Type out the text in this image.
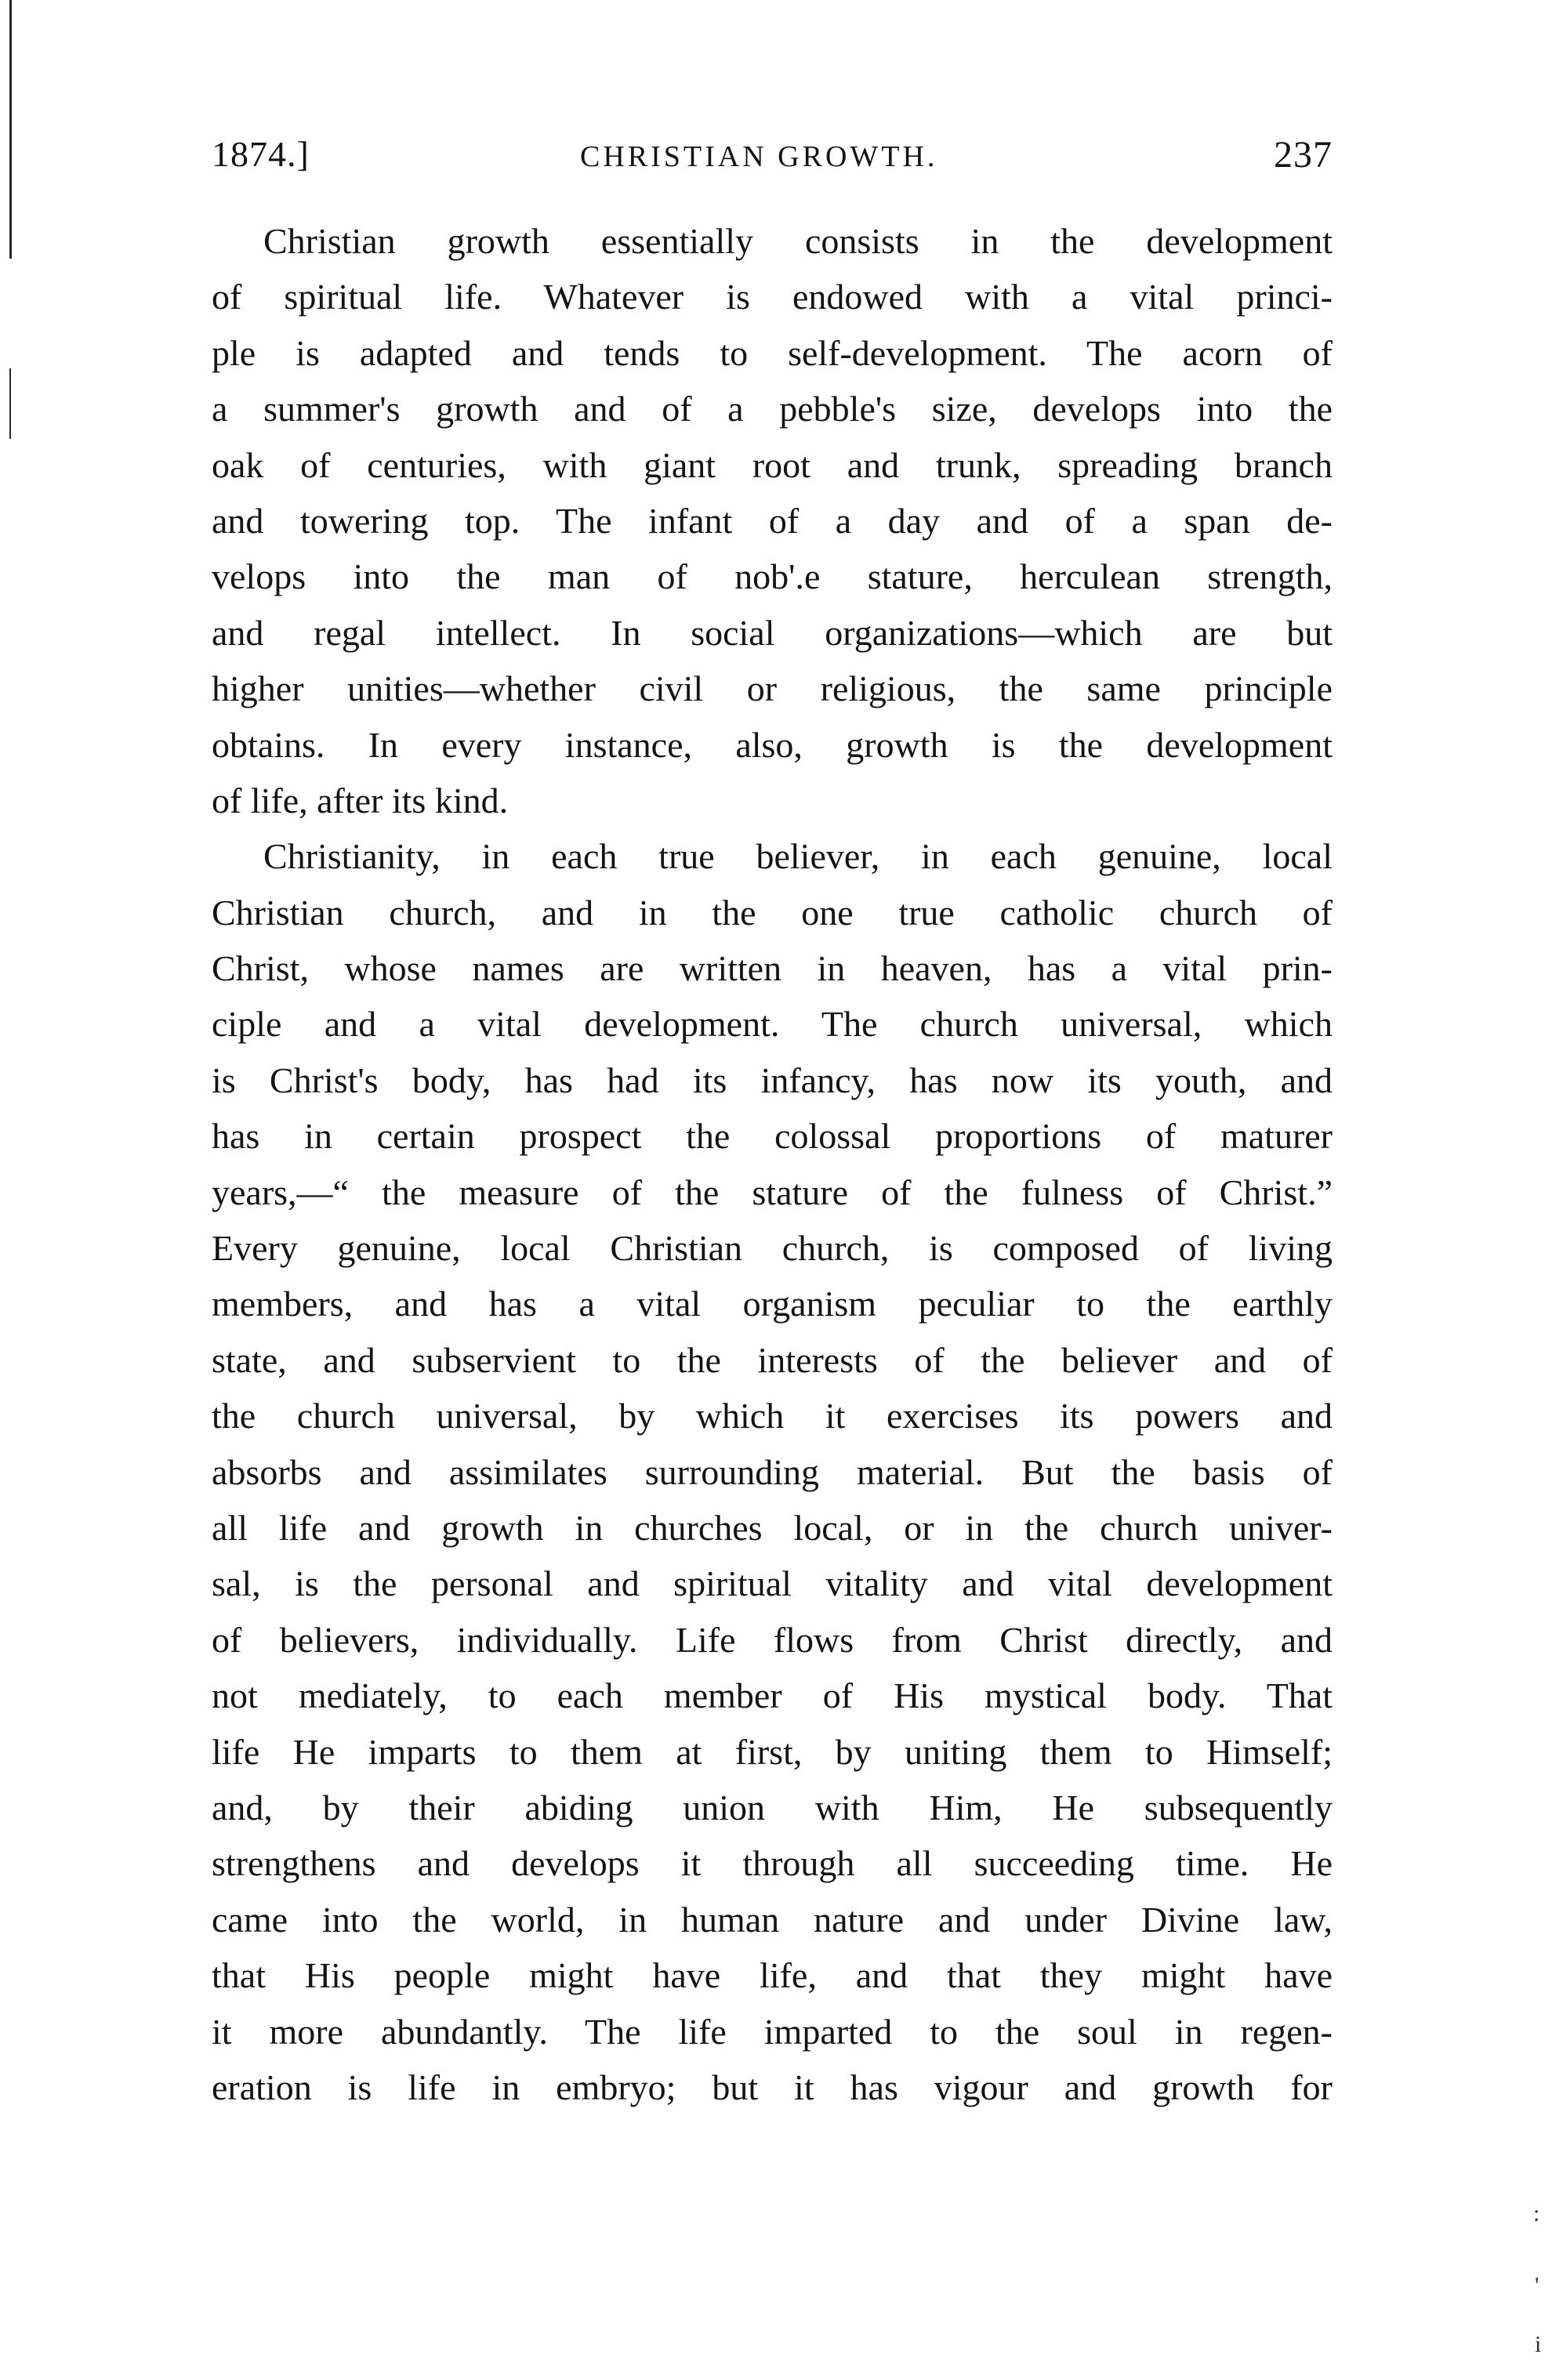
1874.]	CHRISTIAN GROWTH.	237
Christian growth essentially consists in the development
of spiritual life. Whatever is endowed with a vital princi-
ple is adapted and tends to self-development. The acorn of
a summer's growth and of a pebble's size, develops into the
oak of centuries, with giant root and trunk, spreading branch
and towering top. The infant of a day and of a span de-
velops into the man of nob'.e stature, herculean strength,
and regal intellect. In social organizations—which are but
higher unities—whether civil or religious, the same principle
obtains. In every instance, also, growth is the development
of life, after its kind.
Christianity, in each true believer, in each genuine, local
Christian church, and in the one true catholic church of
Christ, whose names are written in heaven, has a vital prin-
ciple and a vital development. The church universal, which
is Christ's body, has had its infancy, has now its youth, and
has in certain prospect the colossal proportions of maturer
years,—“ the measure of the stature of the fulness of Christ.”
Every genuine, local Christian church, is composed of living
members, and has a vital organism peculiar to the earthly
state, and subservient to the interests of the believer and of
the church universal, by which it exercises its powers and
absorbs and assimilates surrounding material. But the basis of
all life and growth in churches local, or in the church univer-
sal, is the personal and spiritual vitality and vital development
of believers, individually. Life flows from Christ directly, and
not mediately, to each member of His mystical body. That
life He imparts to them at first, by uniting them to Himself;
and, by their abiding union with Him, He subsequently
strengthens and develops it through all succeeding time. He
came into the world, in human nature and under Divine law,
that His people might have life, and that they might have
it more abundantly. The life imparted to the soul in regen-
eration is life in embryo; but it has vigour and growth for
:
'
i
